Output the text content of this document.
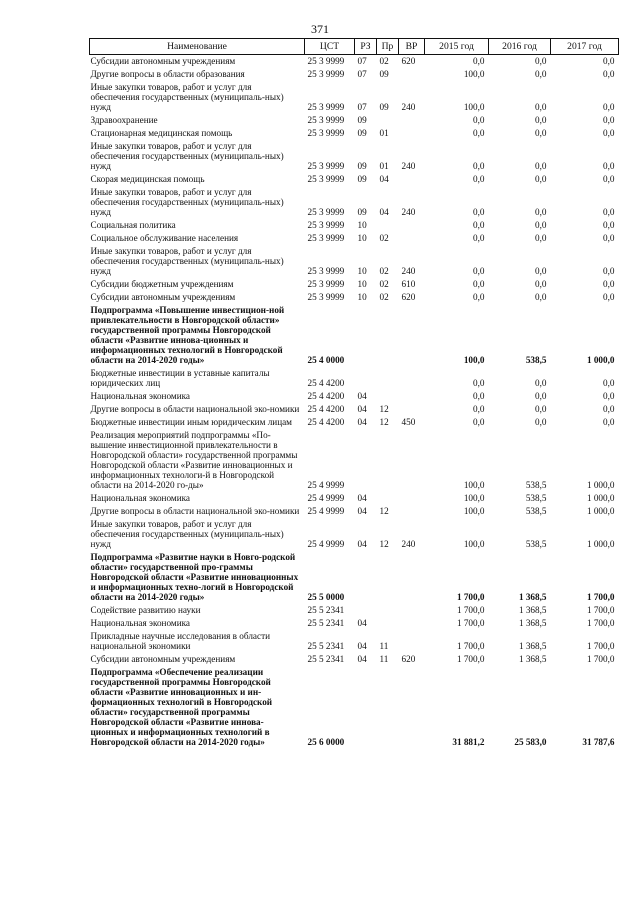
371
Наименование	ЦСТ	РЗ	Пр	ВР	2015 год	2016 год	2017 год
Субсидии автономным учреждениям	25 3 9999	07	02	620	0,0	0,0	0,0
Другие вопросы в области образования	25 3 9999	07	09		100,0	0,0	0,0
Иные закупки товаров, работ и услуг для обеспечения государственных (муниципаль-ных) нужд	25 3 9999	07	09	240	100,0	0,0	0,0
Здравоохранение	25 3 9999	09			0,0	0,0	0,0
Стационарная медицинская помощь	25 3 9999	09	01		0,0	0,0	0,0
Иные закупки товаров, работ и услуг для обеспечения государственных (муниципаль-ных) нужд	25 3 9999	09	01	240	0,0	0,0	0,0
Скорая медицинская помощь	25 3 9999	09	04		0,0	0,0	0,0
Иные закупки товаров, работ и услуг для обеспечения государственных (муниципаль-ных) нужд	25 3 9999	09	04	240	0,0	0,0	0,0
Социальная политика	25 3 9999	10			0,0	0,0	0,0
Социальное обслуживание населения	25 3 9999	10	02		0,0	0,0	0,0
Иные закупки товаров, работ и услуг для обеспечения государственных (муниципаль-ных) нужд	25 3 9999	10	02	240	0,0	0,0	0,0
Субсидии бюджетным учреждениям	25 3 9999	10	02	610	0,0	0,0	0,0
Субсидии автономным учреждениям	25 3 9999	10	02	620	0,0	0,0	0,0
Подпрограмма «Повышение инвестицион-ной привлекательности в Новгородской области» государственной программы Новгородской области «Развитие иннова-ционных и информационных технологий в Новгородской области на 2014-2020 годы»	25 4 0000				100,0	538,5	1 000,0
Бюджетные инвестиции в уставные капиталы юридических лиц	25 4 4200				0,0	0,0	0,0
Национальная экономика	25 4 4200	04			0,0	0,0	0,0
Другие вопросы в области национальной эко-номики	25 4 4200	04	12		0,0	0,0	0,0
Бюджетные инвестиции иным юридическим лицам	25 4 4200	04	12	450	0,0	0,0	0,0
Реализация мероприятий подпрограммы «По-вышение инвестиционной привлекательности в Новгородской области» государственной программы Новгородской области «Развитие инновационных и информационных технологи-й в Новгородской области на 2014-2020 го-ды»	25 4 9999				100,0	538,5	1 000,0
Национальная экономика	25 4 9999	04			100,0	538,5	1 000,0
Другие вопросы в области национальной эко-номики	25 4 9999	04	12		100,0	538,5	1 000,0
Иные закупки товаров, работ и услуг для обеспечения государственных (муниципаль-ных) нужд	25 4 9999	04	12	240	100,0	538,5	1 000,0
Подпрограмма «Развитие науки в Новго-родской области» государственной про-граммы Новгородской области «Развитие инновационных и информационных техно-логий в Новгородской области на 2014-2020 годы»	25 5 0000				1 700,0	1 368,5	1 700,0
Содействие развитию науки	25 5 2341				1 700,0	1 368,5	1 700,0
Национальная экономика	25 5 2341	04			1 700,0	1 368,5	1 700,0
Прикладные научные исследования в области национальной экономики	25 5 2341	04	11		1 700,0	1 368,5	1 700,0
Субсидии автономным учреждениям	25 5 2341	04	11	620	1 700,0	1 368,5	1 700,0
Подпрограмма «Обеспечение реализации государственной программы Новгородской области «Развитие инновационных и ин-формационных технологий в Новгородской области» государственной программы Новгородской области «Развитие иннова-ционных и информационных технологий в Новгородской области на 2014-2020 годы»	25 6 0000				31 881,2	25 583,0	31 787,6
